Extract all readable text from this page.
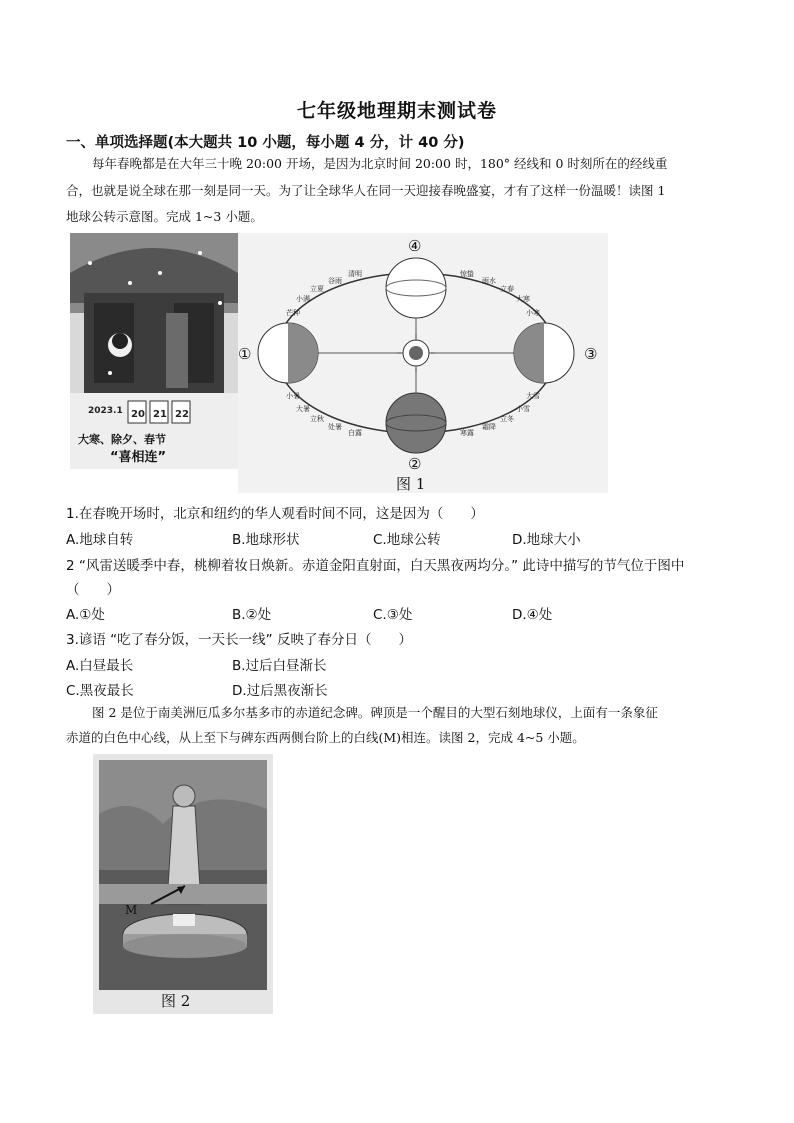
七年级地理期末测试卷
一、单项选择题(本大题共 10 小题，每小题 4 分，计 40 分)
每年春晚都是在大年三十晚 20:00 开场，是因为北京时间 20:00 时，180° 经线和 0 时刻所在的经线重
合，也就是说全球在那一刻是同一天。为了让全球华人在同一天迎接春晚盛宴，才有了这样一份温暖！读图 1
地球公转示意图。完成 1~3 小题。
2023.1 20 21 22
大寒、除夕、春节
“喜相连”
①
②
③
④
清明
谷雨
立夏
小满
芒种
惊蛰
雨水
立春
大寒
小寒
大雪
小雪
立冬
霜降
寒露
白露
处暑
立秋
大暑
小暑
图 1
1.在春晚开场时，北京和纽约的华人观看时间不同，这是因为（　　）
A.地球自转	B.地球形状	C.地球公转	D.地球大小
2 “风雷送暖季中春，桃柳着妆日焕新。赤道金阳直射面，白天黑夜两均分。” 此诗中描写的节气位于图中
（　　）
A.①处	B.②处	C.③处	D.④处
3.谚语 “吃了春分饭，一天长一线” 反映了春分日（　　）
A.白昼最长	B.过后白昼渐长
C.黑夜最长	D.过后黑夜渐长
图 2 是位于南美洲厄瓜多尔基多市的赤道纪念碑。碑顶是一个醒目的大型石刻地球仪，上面有一条象征
赤道的白色中心线，从上至下与碑东西两侧台阶上的白线(M)相连。读图 2，完成 4~5 小题。
M
图 2
